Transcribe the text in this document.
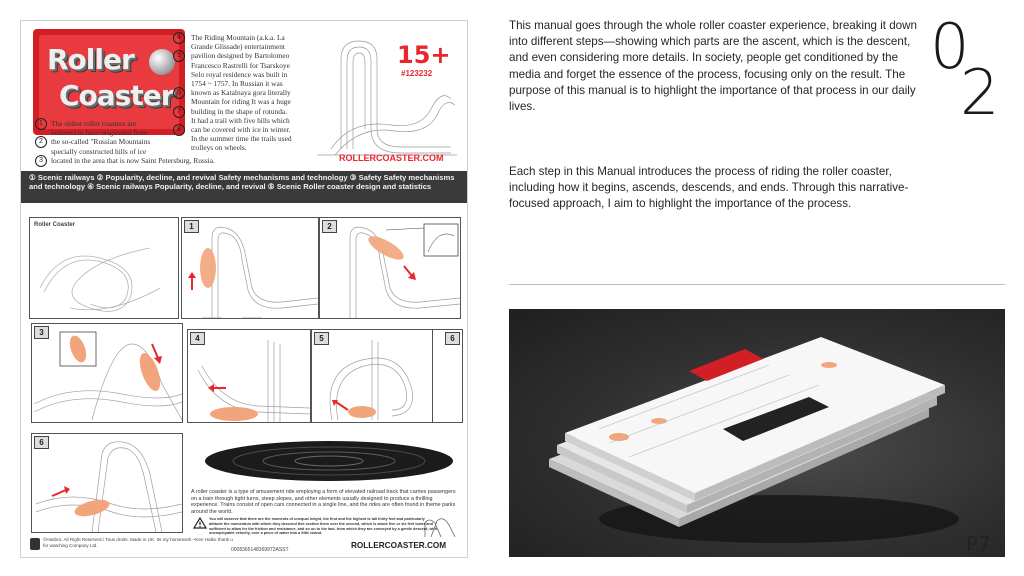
Roller
Coaster
1	The oldest roller coasters are
believed to have originated from
2	the so-called "Russian Mountains
specially constructed hills of ice
3	located in the area that is now Saint Petersburg, Russia.
4	The Riding Mountain (a.k.a. La
Grande Glissade) entertainment
5	pavilion designed by Bartolomeo
Francesco Rastrelli for Tsarskoye
Selo royal residence was built in
1754 ~ 1757. In Russian it was
6	known as Katalnaya gora literally
Mountain for riding It was a huge
7	building in the shape of rotunda.
It had a trail with five hills which
8	can be covered with ice in winter.
In the summer time the trails used
trolleys on wheels.
15+
#123232
ROLLERCOASTER.COM
① Scenic railways ② Popularity, decline, and revival Safety mechanisms and technology ③ Safety Safety mechanisms and technology ④ Scenic railways Popularity, decline, and revival ⑤ Scenic Roller coaster design and statistics
Roller Coaster	1	2
3
4	5	6
6
A roller coaster is a type of amusement ride employing a form of elevated railroad track that carries passengers on a train through tight turns, steep slopes, and other elements usually designed to produce a thrilling experience. Trains consist of open cars connected in a single line, and the rides are often found in theme parks around the world.
You will observe that there are the moments of unequal height, the first and the highest is tall thirty feet and particularly attitude the momentum with which they descend this section them over the second, which is about five or six feet lower and sufficient to allow for the friction and resistance, and so on to the last, from which they are conveyed by a gentle descent, with unemployable velocity, over a piece of water into a little island.
©Hasbro. All Right Reserved./ Tous droits. Made in UK. Its my homework ~Ken Halko thank u for watching Company Ltd.
0008365148369972ASST	ROLLERCOASTER.COM
This manual goes through the whole roller coaster experience, breaking it down into different steps—showing which parts are the ascent, which is the descent, and even considering more details. In society, people get conditioned by the media and forget the essence of the process, focusing only on the result. The purpose of this manual is to highlight the importance of that process in our daily lives.
0
2
Each step in this Manual introduces the process of riding the roller coaster, including how it begins, ascends, descends, and ends. Through this narrative-focused approach, I aim to highlight the importance of the process.
P7
